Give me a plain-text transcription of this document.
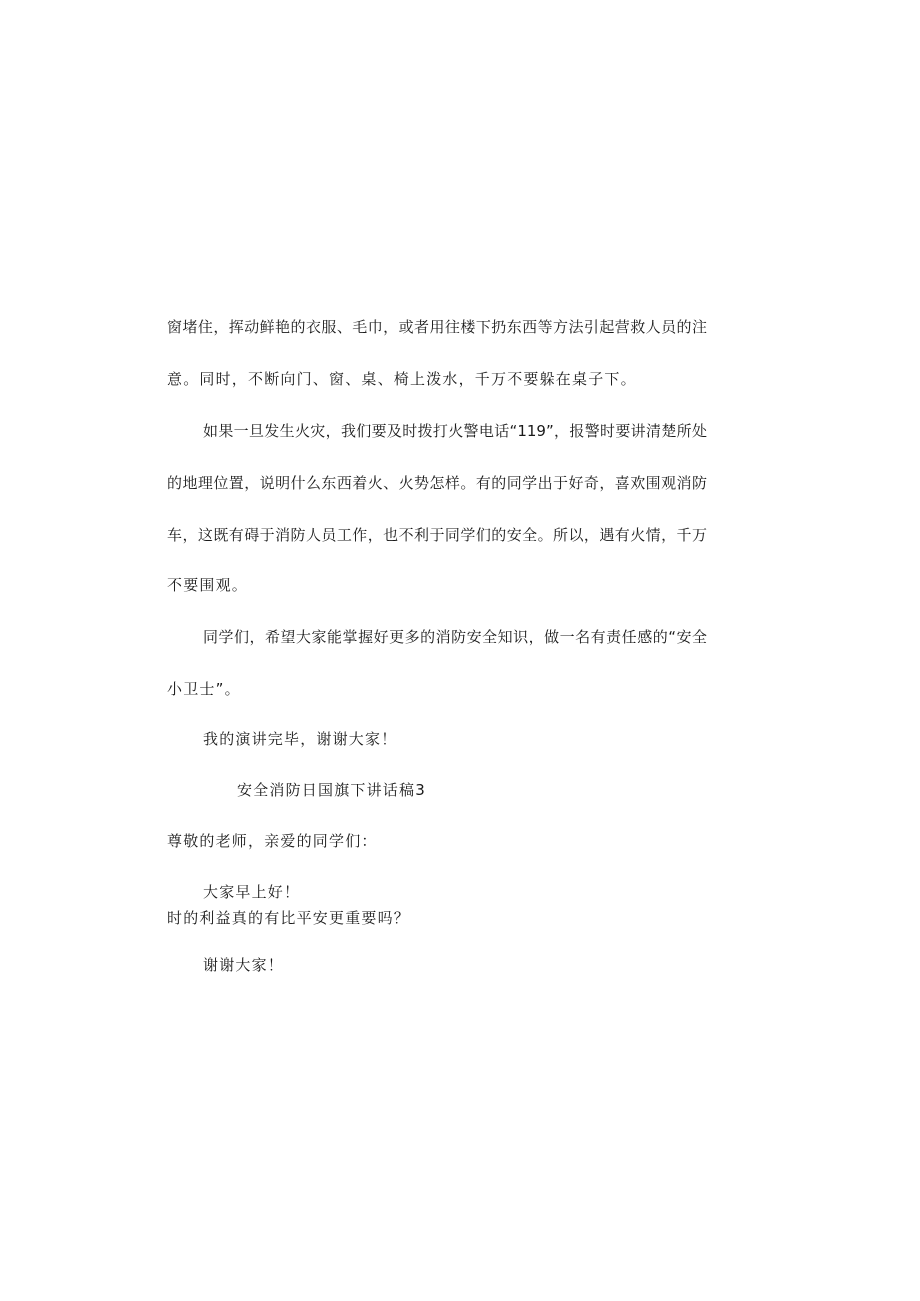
窗堵住，挥动鲜艳的衣服、毛巾，或者用往楼下扔东西等方法引起营救人员的注
意。同时，不断向门、窗、桌、椅上泼水，千万不要躲在桌子下。
如果一旦发生火灾，我们要及时拨打火警电话“119”，报警时要讲清楚所处
的地理位置，说明什么东西着火、火势怎样。有的同学出于好奇，喜欢围观消防
车，这既有碍于消防人员工作，也不利于同学们的安全。所以，遇有火情，千万
不要围观。
同学们，希望大家能掌握好更多的消防安全知识，做一名有责任感的“安全
小卫士”。
我的演讲完毕，谢谢大家！
安全消防日国旗下讲话稿3
尊敬的老师，亲爱的同学们：
大家早上好！
时的利益真的有比平安更重要吗？
谢谢大家！
